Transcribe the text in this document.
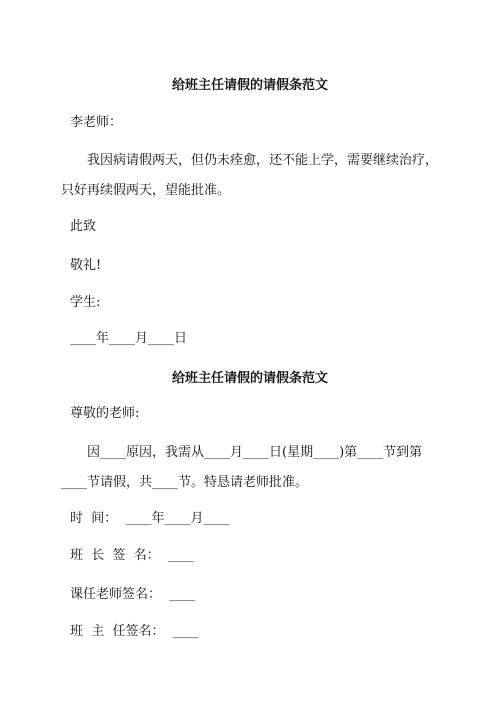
给班主任请假的请假条范文
李老师：
我因病请假两天，但仍未痊愈，还不能上学，需要继续治疗，只好再续假两天，望能批准。
此致
敬礼!
学生:
____年____月____日
给班主任请假的请假条范文
尊敬的老师:
因____原因，我需从____月____日(星期____)第____节到第____节请假，共____节。特恳请老师批准。
时  间：  ____年____月____
班  长  签  名：  ____
课任老师签名：  ____
班  主  任签名：  ____
